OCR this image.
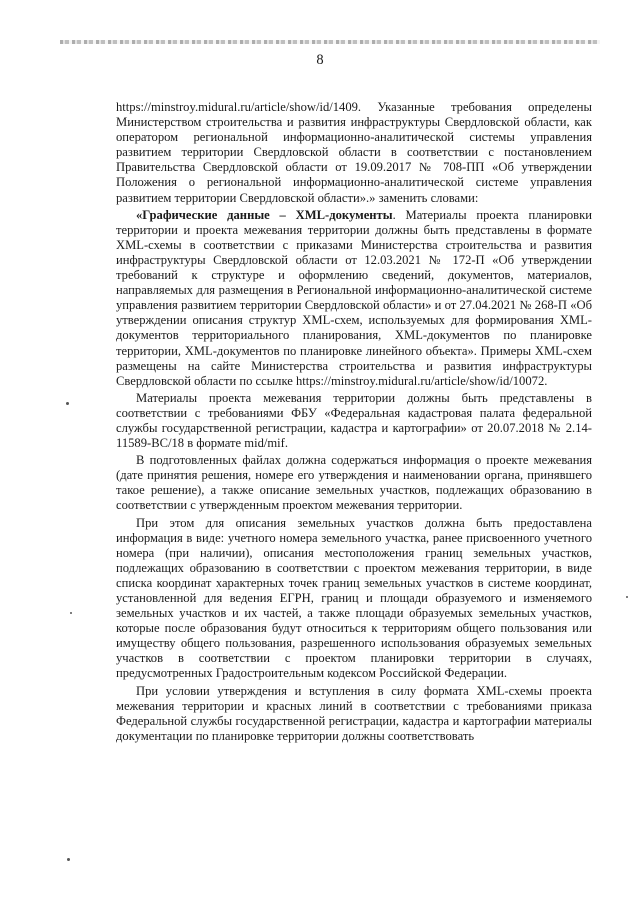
8

https://minstroy.midural.ru/article/show/id/1409. Указанные требования определены Министерством строительства и развития инфраструктуры Свердловской области, как оператором региональной информационно-аналитической системы управления развитием территории Свердловской области в соответствии с постановлением Правительства Свердловской области от 19.09.2017 № 708-ПП «Об утверждении Положения о региональной информационно-аналитической системе управления развитием территории Свердловской области».» заменить словами:

«Графические данные – XML-документы. Материалы проекта планировки территории и проекта межевания территории должны быть представлены в формате XML-схемы в соответствии с приказами Министерства строительства и развития инфраструктуры Свердловской области от 12.03.2021 № 172-П «Об утверждении требований к структуре и оформлению сведений, документов, материалов, направляемых для размещения в Региональной информационно-аналитической системе управления развитием территории Свердловской области» и от 27.04.2021 № 268-П «Об утверждении описания структур XML-схем, используемых для формирования XML-документов территориального планирования, XML-документов по планировке территории, XML-документов по планировке линейного объекта». Примеры XML-схем размещены на сайте Министерства строительства и развития инфраструктуры Свердловской области по ссылке https://minstroy.midural.ru/article/show/id/10072.

Материалы проекта межевания территории должны быть представлены в соответствии с требованиями ФБУ «Федеральная кадастровая палата федеральной службы государственной регистрации, кадастра и картографии» от 20.07.2018 № 2.14-11589-ВС/18 в формате mid/mif.

В подготовленных файлах должна содержаться информация о проекте межевания (дате принятия решения, номере его утверждения и наименовании органа, принявшего такое решение), а также описание земельных участков, подлежащих образованию в соответствии с утвержденным проектом межевания территории.

При этом для описания земельных участков должна быть предоставлена информация в виде: учетного номера земельного участка, ранее присвоенного учетного номера (при наличии), описания местоположения границ земельных участков, подлежащих образованию в соответствии с проектом межевания территории, в виде списка координат характерных точек границ земельных участков в системе координат, установленной для ведения ЕГРН, границ и площади образуемого и изменяемого земельных участков и их частей, а также площади образуемых земельных участков, которые после образования будут относиться к территориям общего пользования или имуществу общего пользования, разрешенного использования образуемых земельных участков в соответствии с проектом планировки территории в случаях, предусмотренных Градостроительным кодексом Российской Федерации.

При условии утверждения и вступления в силу формата XML-схемы проекта межевания территории и красных линий в соответствии с требованиями приказа Федеральной службы государственной регистрации, кадастра и картографии материалы документации по планировке территории должны соответствовать
